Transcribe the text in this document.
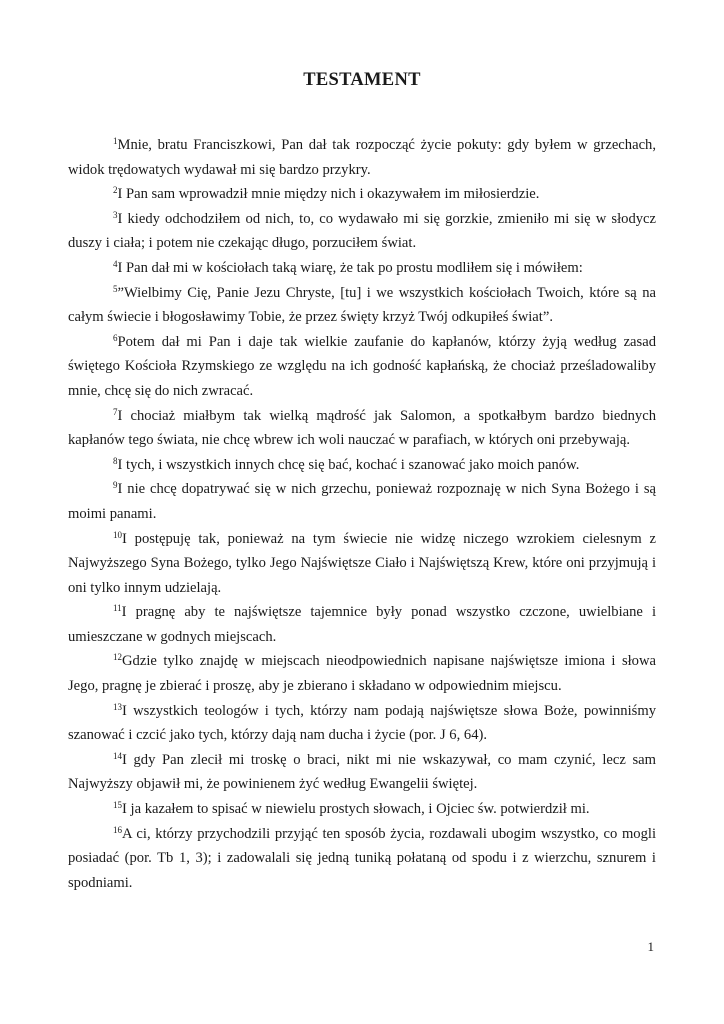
TESTAMENT

$^1$Mnie, bratu Franciszkowi, Pan dał tak rozpocząć życie pokuty: gdy byłem w grzechach, widok trędowatych wydawał mi się bardzo przykry.

$^2$I Pan sam wprowadził mnie między nich i okazywałem im miłosierdzie.

$^3$I kiedy odchodziłem od nich, to, co wydawało mi się gorzkie, zmieniło mi się w słodycz duszy i ciała; i potem nie czekając długo, porzuciłem świat.

$^4$I Pan dał mi w kościołach taką wiarę, że tak po prostu modliłem się i mówiłem:

$^5$”Wielbimy Cię, Panie Jezu Chryste, [tu] i we wszystkich kościołach Twoich, które są na całym świecie i błogosławimy Tobie, że przez święty krzyż Twój odkupiłeś świat”.

$^6$Potem dał mi Pan i daje tak wielkie zaufanie do kapłanów, którzy żyją według zasad świętego Kościoła Rzymskiego ze względu na ich godność kapłańską, że chociaż prześladowaliby mnie, chcę się do nich zwracać.

$^7$I chociaż miałbym tak wielką mądrość jak Salomon, a spotkałbym bardzo biednych kapłanów tego świata, nie chcę wbrew ich woli nauczać w parafiach, w których oni przebywają.

$^8$I tych, i wszystkich innych chcę się bać, kochać i szanować jako moich panów.

$^9$I nie chcę dopatrywać się w nich grzechu, ponieważ rozpoznaję w nich Syna Bożego i są moimi panami.

$^{10}$I postępuję tak, ponieważ na tym świecie nie widzę niczego wzrokiem cielesnym z Najwyższego Syna Bożego, tylko Jego Najświętsze Ciało i Najświętszą Krew, które oni przyjmują i oni tylko innym udzielają.

$^{11}$I pragnę aby te najświętsze tajemnice były ponad wszystko czczone, uwielbiane i umieszczane w godnych miejscach.

$^{12}$Gdzie tylko znajdę w miejscach nieodpowiednich napisane najświętsze imiona i słowa Jego, pragnę je zbierać i proszę, aby je zbierano i składano w odpowiednim miejscu.

$^{13}$I wszystkich teologów i tych, którzy nam podają najświętsze słowa Boże, powinniśmy szanować i czcić jako tych, którzy dają nam ducha i życie (por. J 6, 64).

$^{14}$I gdy Pan zlecił mi troskę o braci, nikt mi nie wskazywał, co mam czynić, lecz sam Najwyższy objawił mi, że powinienem żyć według Ewangelii świętej.

$^{15}$I ja kazałem to spisać w niewielu prostych słowach, i Ojciec św. potwierdził mi.

$^{16}$A ci, którzy przychodzili przyjąć ten sposób życia, rozdawali ubogim wszystko, co mogli posiadać (por. Tb 1, 3); i zadowalali się jedną tuniką połataną od spodu i z wierzchu, sznurem i spodniami.

1
